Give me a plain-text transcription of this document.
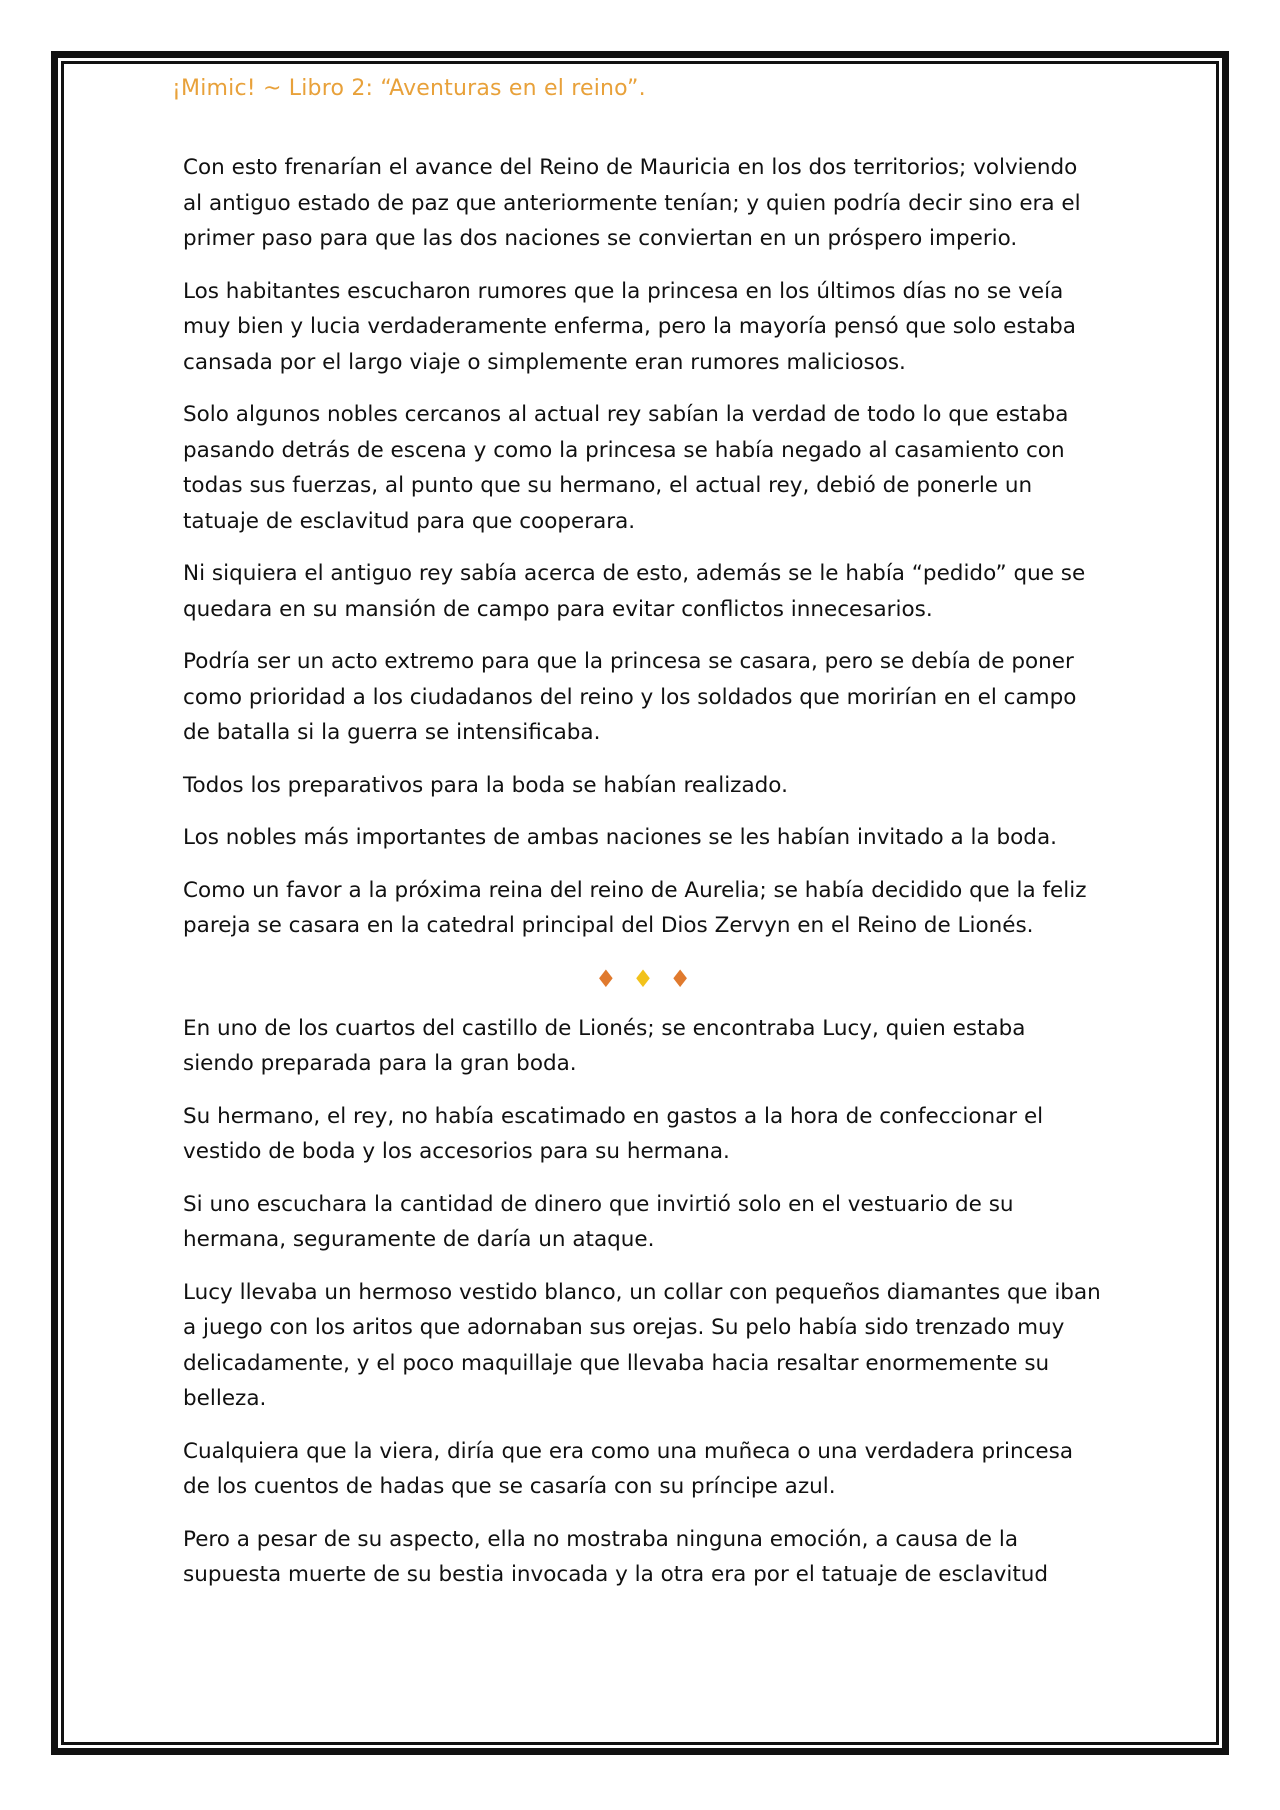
¡Mimic! ~ Libro 2: “Aventuras en el reino”.

Con esto frenarían el avance del Reino de Mauricia en los dos territorios; volviendo al antiguo estado de paz que anteriormente tenían; y quien podría decir sino era el primer paso para que las dos naciones se conviertan en un próspero imperio.

Los habitantes escucharon rumores que la princesa en los últimos días no se veía muy bien y lucia verdaderamente enferma, pero la mayoría pensó que solo estaba cansada por el largo viaje o simplemente eran rumores maliciosos.

Solo algunos nobles cercanos al actual rey sabían la verdad de todo lo que estaba pasando detrás de escena y como la princesa se había negado al casamiento con todas sus fuerzas, al punto que su hermano, el actual rey, debió de ponerle un tatuaje de esclavitud para que cooperara.

Ni siquiera el antiguo rey sabía acerca de esto, además se le había “pedido” que se quedara en su mansión de campo para evitar conflictos innecesarios.

Podría ser un acto extremo para que la princesa se casara, pero se debía de poner como prioridad a los ciudadanos del reino y los soldados que morirían en el campo de batalla si la guerra se intensificaba.

Todos los preparativos para la boda se habían realizado.

Los nobles más importantes de ambas naciones se les habían invitado a la boda.

Como un favor a la próxima reina del reino de Aurelia; se había decidido que la feliz pareja se casara en la catedral principal del Dios Zervyn en el Reino de Lionés.

♦ ♦ ♦

En uno de los cuartos del castillo de Lionés; se encontraba Lucy, quien estaba siendo preparada para la gran boda.

Su hermano, el rey, no había escatimado en gastos a la hora de confeccionar el vestido de boda y los accesorios para su hermana.

Si uno escuchara la cantidad de dinero que invirtió solo en el vestuario de su hermana, seguramente de daría un ataque.

Lucy llevaba un hermoso vestido blanco, un collar con pequeños diamantes que iban a juego con los aritos que adornaban sus orejas. Su pelo había sido trenzado muy delicadamente, y el poco maquillaje que llevaba hacia resaltar enormemente su belleza.

Cualquiera que la viera, diría que era como una muñeca o una verdadera princesa de los cuentos de hadas que se casaría con su príncipe azul.

Pero a pesar de su aspecto, ella no mostraba ninguna emoción, a causa de la supuesta muerte de su bestia invocada y la otra era por el tatuaje de esclavitud
